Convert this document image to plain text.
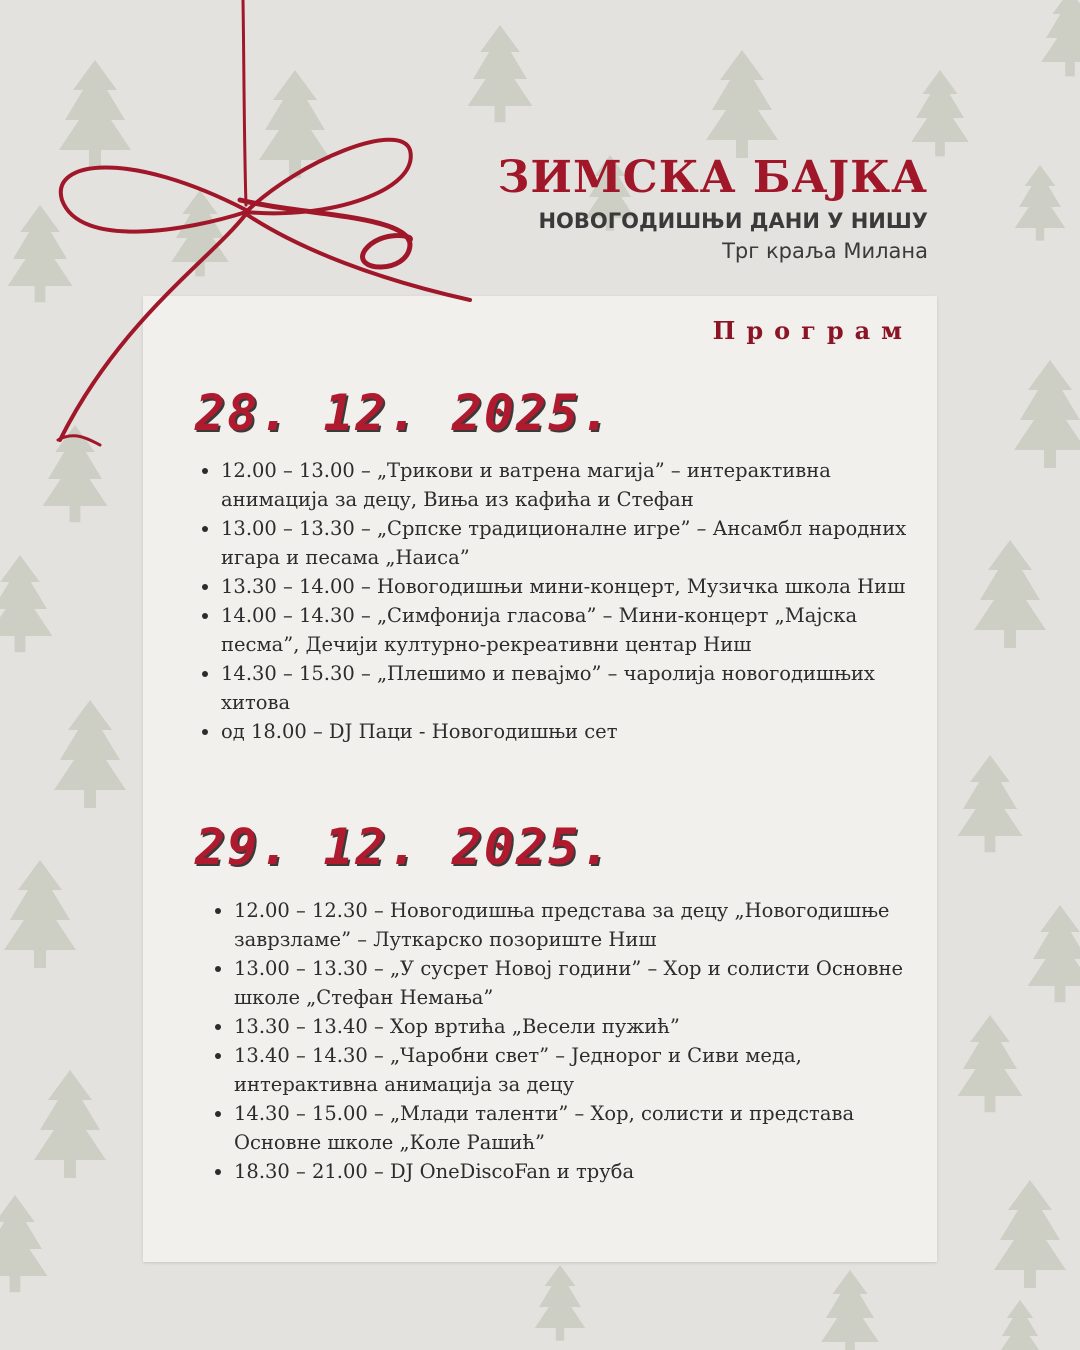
ЗИМСКА БАЈКА
НОВОГОДИШЊИ ДАНИ У НИШУ
Трг краља Милана
Програм
28. 12. 2025.
• 12.00 – 13.00 – „Трикови и ватрена магија” – интерактивна анимација за децу, Виња из кафића и Стефан
• 13.00 – 13.30 – „Српске традиционалне игре” – Ансамбл народних игара и песама „Наиса”
• 13.30 – 14.00 – Новогодишњи мини-концерт, Музичка школа Ниш
• 14.00 – 14.30 – „Симфонија гласова” – Мини-концерт „Мајска песма”, Дечији културно-рекреативни центар Ниш
• 14.30 – 15.30 – „Плешимо и певајмо” – чаролија новогодишњих хитова
• од 18.00 – DJ Паци - Новогодишњи сет
29. 12. 2025.
• 12.00 – 12.30 – Новогодишња представа за децу „Новогодишње заврзламе” – Луткарско позориште Ниш
• 13.00 – 13.30 – „У сусрет Новој години” – Хор и солисти Основне школе „Стефан Немања”
• 13.30 – 13.40 – Хор вртића „Весели пужић”
• 13.40 – 14.30 – „Чаробни свет” – Једнорог и Сиви меда, интерактивна анимација за децу
• 14.30 – 15.00 – „Млади таленти” – Хор, солисти и представа Основне школе „Коле Рашић”
• 18.30 – 21.00 – DJ OneDiscoFan и труба
